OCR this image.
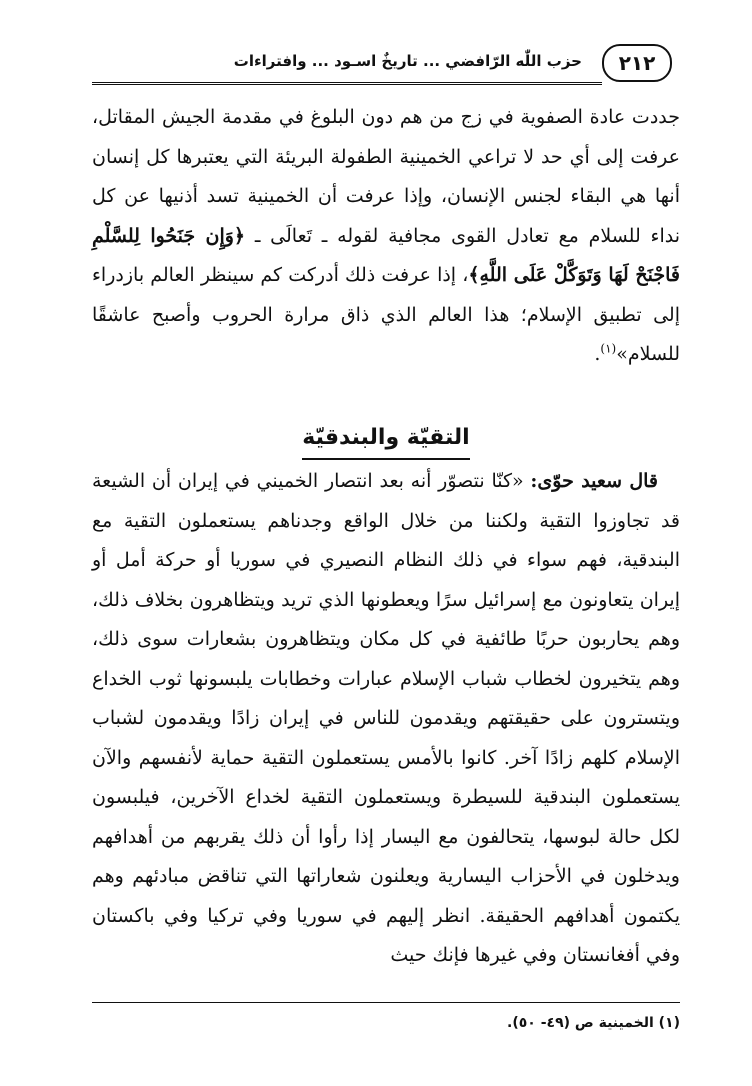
٢١٢
حزب اللّٰه الرّافضي ... تاريخٌ اسـود ... وافتراءات
جددت عادة الصفوية في زج من هم دون البلوغ في مقدمة الجيش المقاتل، عرفت إلى أي حد لا تراعي الخمينية الطفولة البريئة التي يعتبرها كل إنسان أنها هي البقاء لجنس الإنسان، وإذا عرفت أن الخمينية تسد أذنيها عن كل نداء للسلام مع تعادل القوى مجافية لقوله ـ تَعالَى ـ ﴿وَإِن جَنَحُوا لِلسَّلْمِ فَاجْنَحْ لَهَا وَتَوَكَّلْ عَلَى اللَّهِ﴾، إذا عرفت ذلك أدركت كم سينظر العالم بازدراء إلى تطبيق الإسلام؛ هذا العالم الذي ذاق مرارة الحروب وأصبح عاشقًا للسلام»$^{(١)}$.
التقيّة والبندقيّة
قال سعيد حوّى: «كنّا نتصوّر أنه بعد انتصار الخميني في إيران أن الشيعة قد تجاوزوا التقية ولكننا من خلال الواقع وجدناهم يستعملون التقية مع البندقية، فهم سواء في ذلك النظام النصيري في سوريا أو حركة أمل أو إيران يتعاونون مع إسرائيل سرًا ويعطونها الذي تريد ويتظاهرون بخلاف ذلك، وهم يحاربون حربًا طائفية في كل مكان ويتظاهرون بشعارات سوى ذلك، وهم يتخيرون لخطاب شباب الإسلام عبارات وخطابات يلبسونها ثوب الخداع ويتسترون على حقيقتهم ويقدمون للناس في إيران زادًا ويقدمون لشباب الإسلام كلهم زادًا آخر. كانوا بالأمس يستعملون التقية حماية لأنفسهم والآن يستعملون البندقية للسيطرة ويستعملون التقية لخداع الآخرين، فيلبسون لكل حالة لبوسها، يتحالفون مع اليسار إذا رأوا أن ذلك يقربهم من أهدافهم ويدخلون في الأحزاب اليسارية ويعلنون شعاراتها التي تناقض مبادئهم وهم يكتمون أهدافهم الحقيقة. انظر إليهم في سوريا وفي تركيا وفي باكستان وفي أفغانستان وفي غيرها فإنك حيث
(١) الخمينية ص (٤٩- ٥٠).
